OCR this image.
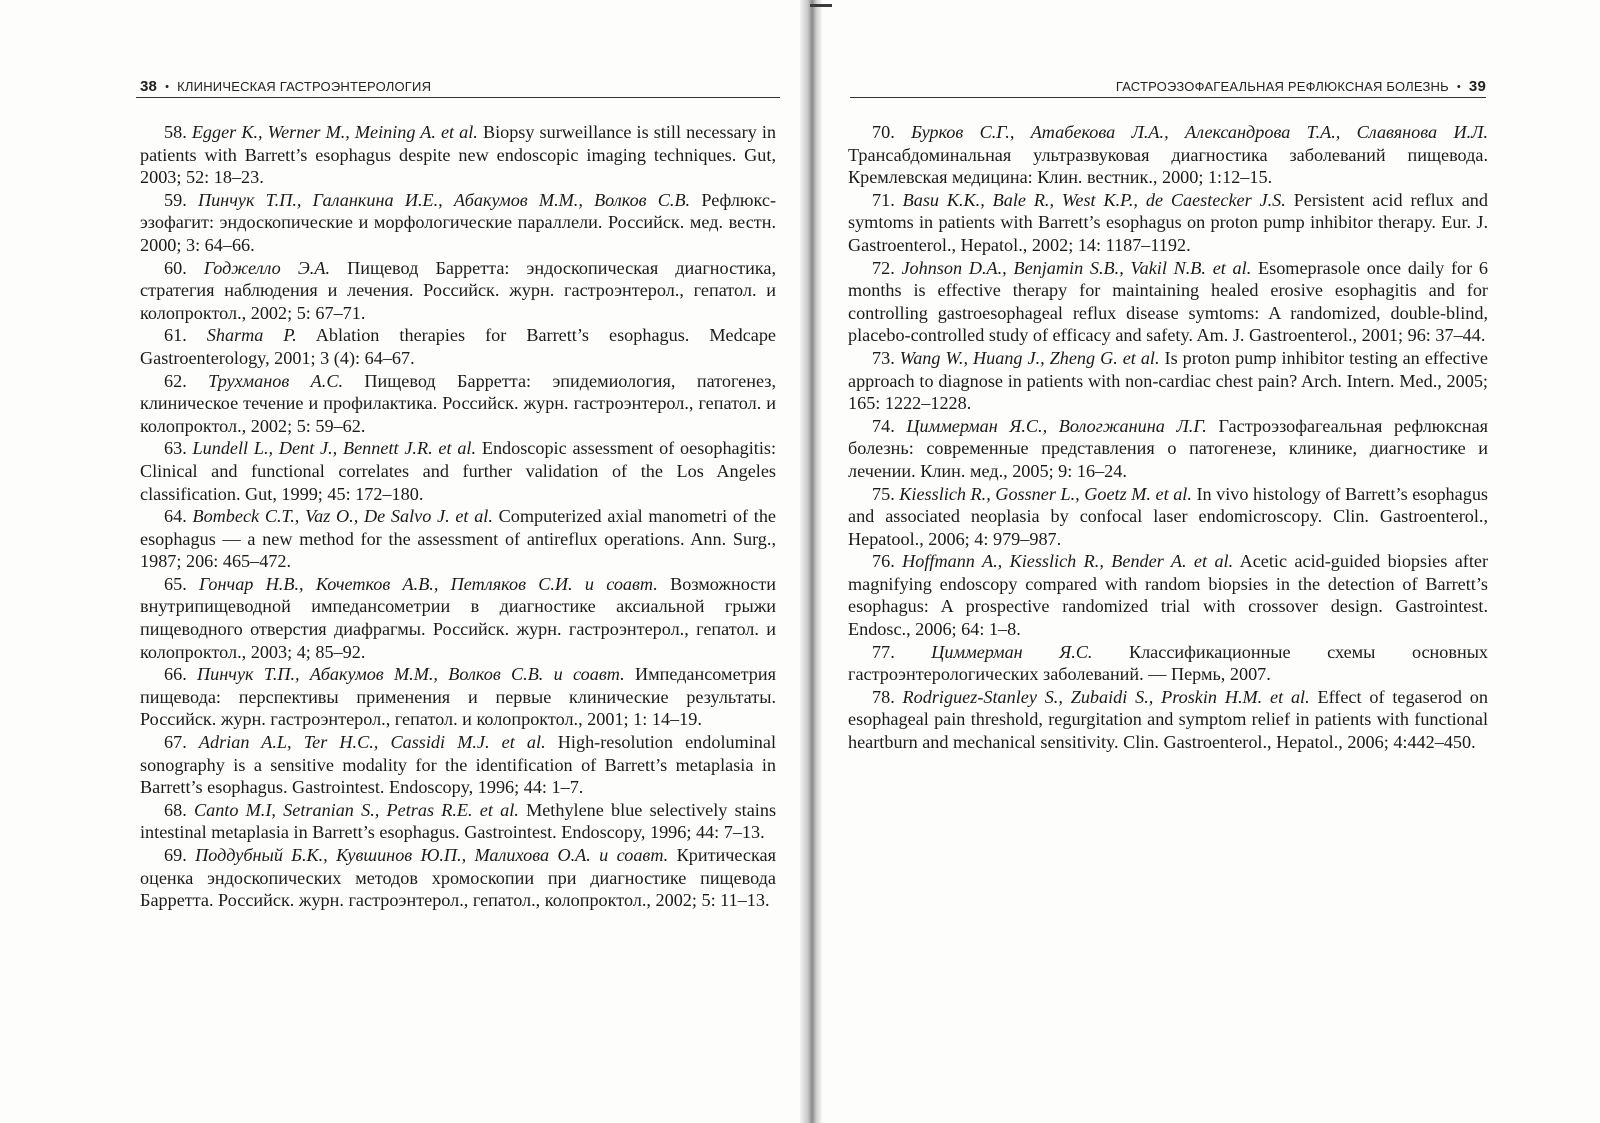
38 • КЛИНИЧЕСКАЯ ГАСТРОЭНТЕРОЛОГИЯ

58. Egger K., Werner M., Meining A. et al. Biopsy surweillance is still necessary in patients with Barrett’s esophagus despite new endoscopic imaging techniques. Gut, 2003; 52: 18–23.

59. Пинчук Т.П., Галанкина И.Е., Абакумов М.М., Волков С.В. Рефлюкс-эзофагит: эндоскопические и морфологические параллели. Российск. мед. вестн. 2000; 3: 64–66.

60. Годжелло Э.А. Пищевод Барретта: эндоскопическая диагностика, стратегия наблюдения и лечения. Российск. журн. гастроэнтерол., гепатол. и колопроктол., 2002; 5: 67–71.

61. Sharma P. Ablation therapies for Barrett’s esophagus. Medcape Gastroenterology, 2001; 3 (4): 64–67.

62. Трухманов А.С. Пищевод Барретта: эпидемиология, патогенез, клиническое течение и профилактика. Российск. журн. гастроэнтерол., гепатол. и колопроктол., 2002; 5: 59–62.

63. Lundell L., Dent J., Bennett J.R. et al. Endoscopic assessment of oesophagitis: Clinical and functional correlates and further validation of the Los Angeles classification. Gut, 1999; 45: 172–180.

64. Bombeck C.T., Vaz O., De Salvo J. et al. Computerized axial manometri of the esophagus — a new method for the assessment of antireflux operations. Ann. Surg., 1987; 206: 465–472.

65. Гончар Н.В., Кочетков А.В., Петляков С.И. и соавт. Возможности внутрипищеводной импедансометрии в диагностике аксиальной грыжи пищеводного отверстия диафрагмы. Российск. журн. гастроэнтерол., гепатол. и колопроктол., 2003; 4; 85–92.

66. Пинчук Т.П., Абакумов М.М., Волков С.В. и соавт. Импедансометрия пищевода: перспективы применения и первые клинические результаты. Российск. журн. гастроэнтерол., гепатол. и колопроктол., 2001; 1: 14–19.

67. Adrian A.L, Ter H.C., Cassidi M.J. et al. High-resolution endoluminal sonography is a sensitive modality for the identification of Barrett’s metaplasia in Barrett’s esophagus. Gastrointest. Endoscopy, 1996; 44: 1–7.

68. Canto M.I, Setranian S., Petras R.E. et al. Methylene blue selectively stains intestinal metaplasia in Barrett’s esophagus. Gastrointest. Endoscopy, 1996; 44: 7–13.

69. Поддубный Б.К., Кувшинов Ю.П., Малихова О.А. и соавт. Критическая оценка эндоскопических методов хромоскопии при диагностике пищевода Барретта. Российск. журн. гастроэнтерол., гепатол., колопроктол., 2002; 5: 11–13.

ГАСТРОЭЗОФАГЕАЛЬНАЯ РЕФЛЮКСНАЯ БОЛЕЗНЬ • 39

70. Бурков С.Г., Атабекова Л.А., Александрова Т.А., Славянова И.Л. Трансабдоминальная ультразвуковая диагностика заболеваний пищевода. Кремлевская медицина: Клин. вестник., 2000; 1:12–15.

71. Basu K.K., Bale R., West K.P., de Caestecker J.S. Persistent acid reflux and symtoms in patients with Barrett’s esophagus on proton pump inhibitor therapy. Eur. J. Gastroenterol., Hepatol., 2002; 14: 1187–1192.

72. Johnson D.A., Benjamin S.B., Vakil N.B. et al. Esomeprasole once daily for 6 months is effective therapy for maintaining healed erosive esophagitis and for controlling gastroesophageal reflux disease symtoms: A randomized, double-blind, placebo-controlled study of efficacy and safety. Am. J. Gastroenterol., 2001; 96: 37–44.

73. Wang W., Huang J., Zheng G. et al. Is proton pump inhibitor testing an effective approach to diagnose in patients with non-cardiac chest pain? Arch. Intern. Med., 2005; 165: 1222–1228.

74. Циммерман Я.С., Вологжанина Л.Г. Гастроэзофагеальная рефлюксная болезнь: современные представления о патогенезе, клинике, диагностике и лечении. Клин. мед., 2005; 9: 16–24.

75. Kiesslich R., Gossner L., Goetz M. et al. In vivo histology of Barrett’s esophagus and associated neoplasia by confocal laser endomicroscopy. Clin. Gastroenterol., Hepatool., 2006; 4: 979–987.

76. Hoffmann A., Kiesslich R., Bender A. et al. Acetic acid-guided biopsies after magnifying endoscopy compared with random biopsies in the detection of Barrett’s esophagus: A prospective randomized trial with crossover design. Gastrointest. Endosc., 2006; 64: 1–8.

77. Циммерман Я.С. Классификационные схемы основных гастроэнтерологических заболеваний. — Пермь, 2007.

78. Rodriguez-Stanley S., Zubaidi S., Proskin H.M. et al. Effect of tegaserod on esophageal pain threshold, regurgitation and symptom relief in patients with functional heartburn and mechanical sensitivity. Clin. Gastroenterol., Hepatol., 2006; 4:442–450.
